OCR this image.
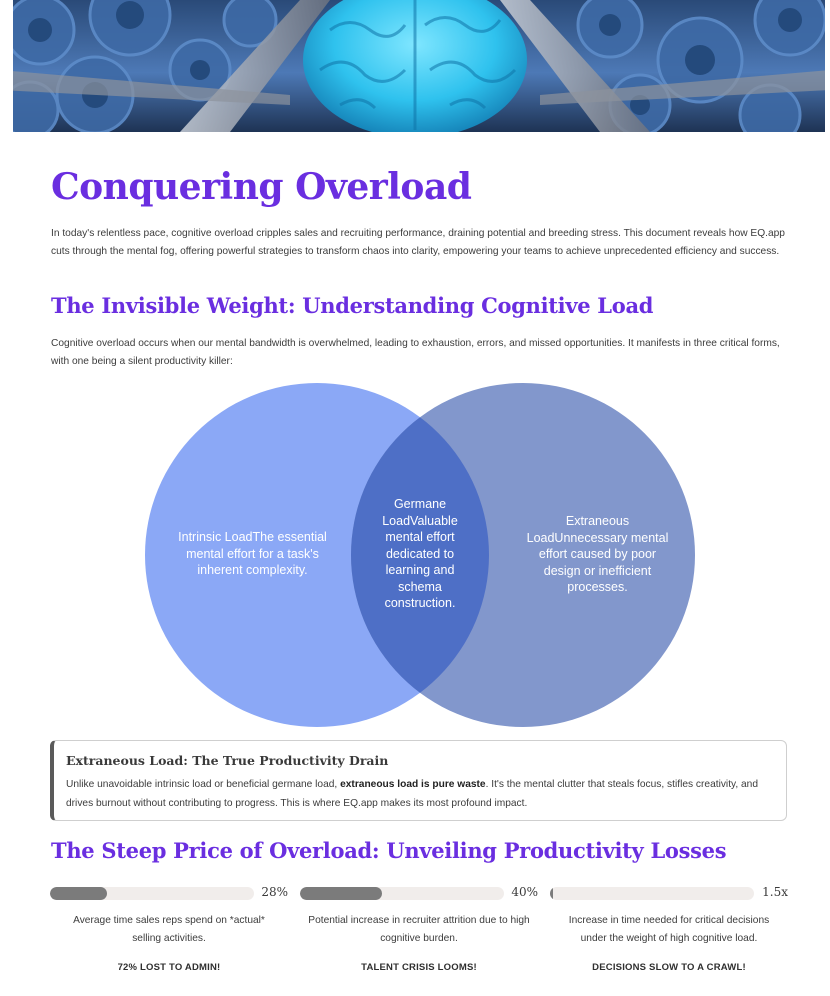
Conquering Overload

In today's relentless pace, cognitive overload cripples sales and recruiting performance, draining potential and breeding stress. This document reveals how EQ.app cuts through the mental fog, offering powerful strategies to transform chaos into clarity, empowering your teams to achieve unprecedented efficiency and success.

The Invisible Weight: Understanding Cognitive Load

Cognitive overload occurs when our mental bandwidth is overwhelmed, leading to exhaustion, errors, and missed opportunities. It manifests in three critical forms, with one being a silent productivity killer:

Intrinsic LoadThe essential mental effort for a task's inherent complexity.
Germane LoadValuable mental effort dedicated to learning and schema construction.
Extraneous LoadUnnecessary mental effort caused by poor design or inefficient processes.
Extraneous Load: The True Productivity Drain
Unlike unavoidable intrinsic load or beneficial germane load, extraneous load is pure waste. It's the mental clutter that steals focus, stifles creativity, and drives burnout without contributing to progress. This is where EQ.app makes its most profound impact.
The Steep Price of Overload: Unveiling Productivity Losses
28%
Average time sales reps spend on *actual* selling activities.
72% LOST TO ADMIN!
40%
Potential increase in recruiter attrition due to high cognitive burden.
TALENT CRISIS LOOMS!
1.5x
Increase in time needed for critical decisions under the weight of high cognitive load.
DECISIONS SLOW TO A CRAWL!
